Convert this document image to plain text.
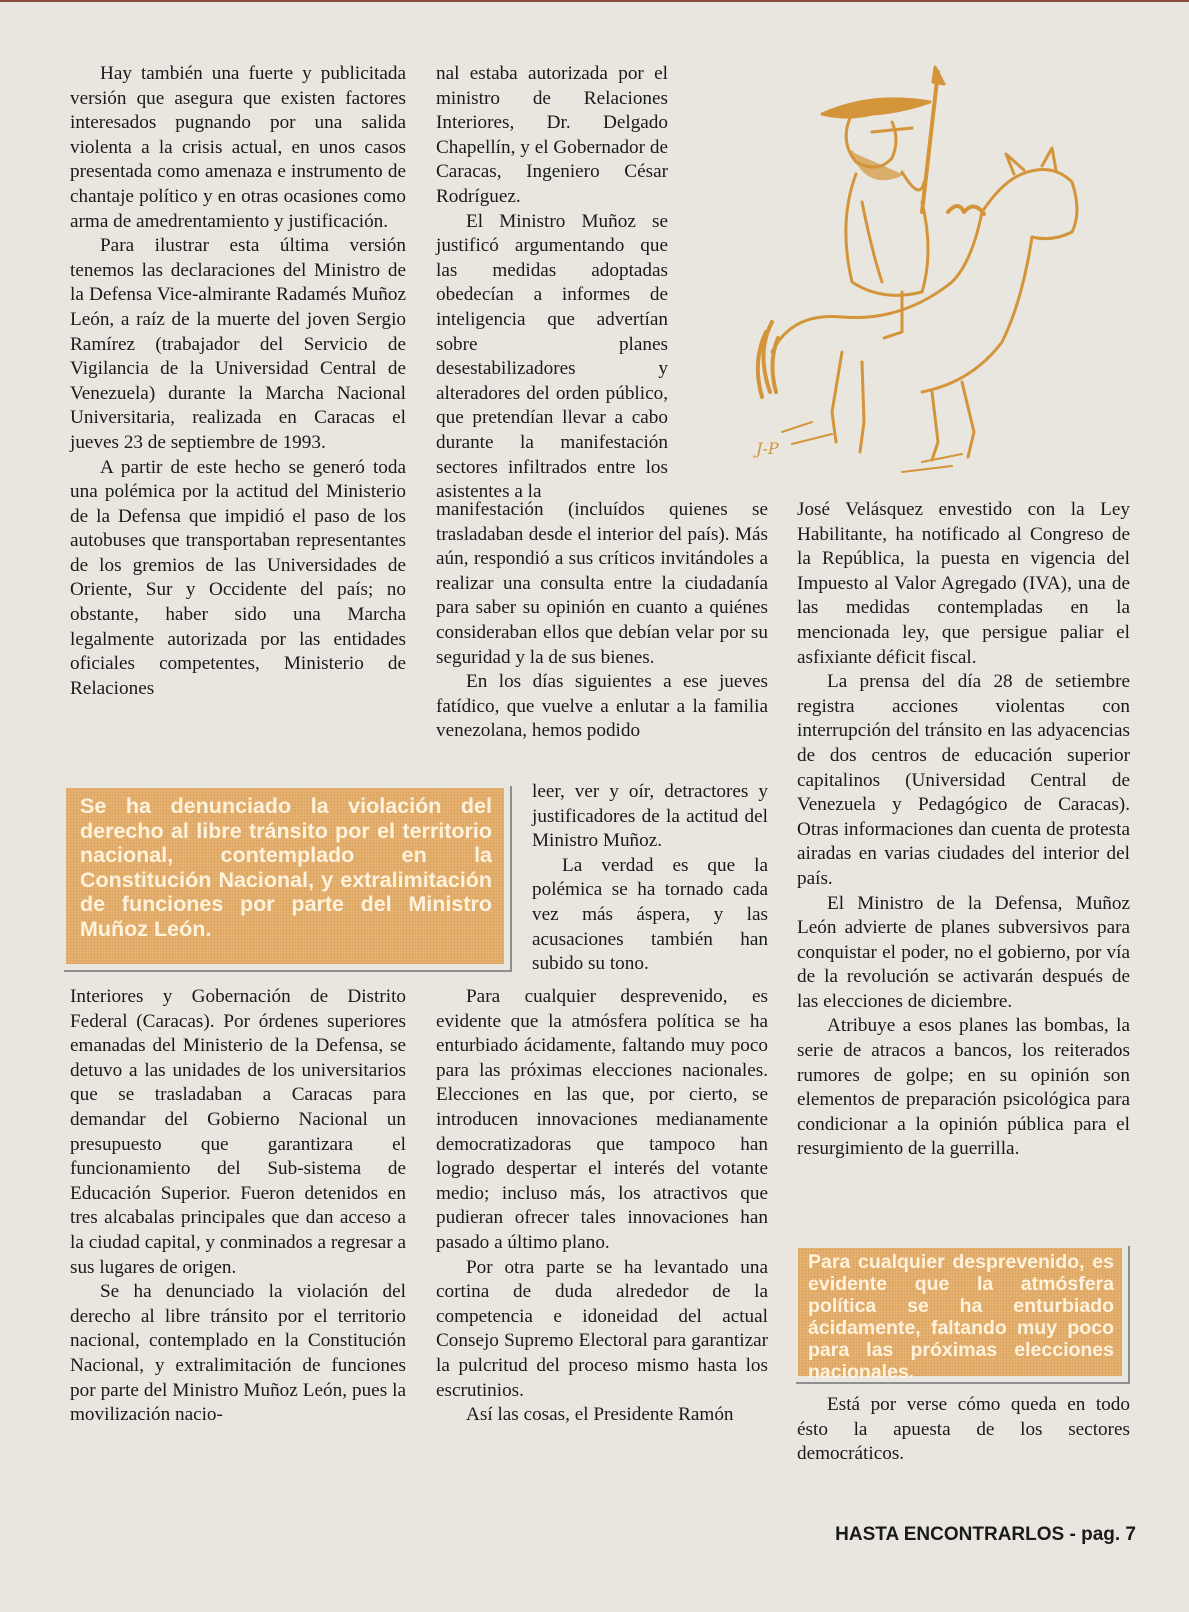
Hay también una fuerte y publicitada versión que asegura que existen factores interesados pugnando por una salida violenta a la crisis actual, en unos casos presentada como amenaza e instrumento de chantaje político y en otras ocasiones como arma de amedrentamiento y justificación.

Para ilustrar esta última versión tenemos las declaraciones del Ministro de la Defensa Vice-almirante Radamés Muñoz León, a raíz de la muerte del joven Sergio Ramírez (trabajador del Servicio de Vigilancia de la Universidad Central de Venezuela) durante la Marcha Nacional Universitaria, realizada en Caracas el jueves 23 de septiembre de 1993.

A partir de este hecho se generó toda una polémica por la actitud del Ministerio de la Defensa que impidió el paso de los autobuses que transportaban representantes de los gremios de las Universidades de Oriente, Sur y Occidente del país; no obstante, haber sido una Marcha legalmente autorizada por las entidades oficiales competentes, Ministerio de Relaciones

Se ha denunciado la violación del derecho al libre tránsito por el territorio nacional, contemplado en la Constitución Nacional, y extralimitación de funciones por parte del Ministro Muñoz León.

Interiores y Gobernación de Distrito Federal (Caracas). Por órdenes superiores emanadas del Ministerio de la Defensa, se detuvo a las unidades de los universitarios que se trasladaban a Caracas para demandar del Gobierno Nacional un presupuesto que garantizara el funcionamiento del Sub-sistema de Educación Superior. Fueron detenidos en tres alcabalas principales que dan acceso a la ciudad capital, y conminados a regresar a sus lugares de origen.

Se ha denunciado la violación del derecho al libre tránsito por el territorio nacional, contemplado en la Constitución Nacional, y extralimitación de funciones por parte del Ministro Muñoz León, pues la movilización nacio-

nal estaba autorizada por el ministro de Relaciones Interiores, Dr. Delgado Chapellín, y el Gobernador de Caracas, Ingeniero César Rodríguez.

El Ministro Muñoz se justificó argumentando que las medidas adoptadas obedecían a informes de inteligencia que advertían sobre planes desestabilizadores y alteradores del orden público, que pretendían llevar a cabo durante la manifestación sectores infiltrados entre los asistentes a la

manifestación (incluídos quienes se trasladaban desde el interior del país). Más aún, respondió a sus críticos invitándoles a realizar una consulta entre la ciudadanía para saber su opinión en cuanto a quiénes consideraban ellos que debían velar por su seguridad y la de sus bienes.

En los días siguientes a ese jueves fatídico, que vuelve a enlutar a la familia venezolana, hemos podido

leer, ver y oír, detractores y justificadores de la actitud del Ministro Muñoz.

La verdad es que la polémica se ha tornado cada vez más áspera, y las acusaciones también han subido su tono.

Para cualquier desprevenido, es evidente que la atmósfera política se ha enturbiado ácidamente, faltando muy poco para las próximas elecciones nacionales. Elecciones en las que, por cierto, se introducen innovaciones medianamente democratizadoras que tampoco han logrado despertar el interés del votante medio; incluso más, los atractivos que pudieran ofrecer tales innovaciones han pasado a último plano.

Por otra parte se ha levantado una cortina de duda alrededor de la competencia e idoneidad del actual Consejo Supremo Electoral para garantizar la pulcritud del proceso mismo hasta los escrutinios.

Así las cosas, el Presidente Ramón

J-P

José Velásquez envestido con la Ley Habilitante, ha notificado al Congreso de la República, la puesta en vigencia del Impuesto al Valor Agregado (IVA), una de las medidas contempladas en la mencionada ley, que persigue paliar el asfixiante déficit fiscal.

La prensa del día 28 de setiembre registra acciones violentas con interrupción del tránsito en las adyacencias de dos centros de educación superior capitalinos (Universidad Central de Venezuela y Pedagógico de Caracas). Otras informaciones dan cuenta de protesta airadas en varias ciudades del interior del país.

El Ministro de la Defensa, Muñoz León advierte de planes subversivos para conquistar el poder, no el gobierno, por vía de la revolución se activarán después de las elecciones de diciembre.

Atribuye a esos planes las bombas, la serie de atracos a bancos, los reiterados rumores de golpe; en su opinión son elementos de preparación psicológica para condicionar a la opinión pública para el resurgimiento de la guerrilla.

Para cualquier desprevenido, es evidente que la atmósfera política se ha enturbiado ácidamente, faltando muy poco para las próximas elecciones nacionales.

Está por verse cómo queda en todo ésto la apuesta de los sectores democráticos.

HASTA ENCONTRARLOS - pag. 7
